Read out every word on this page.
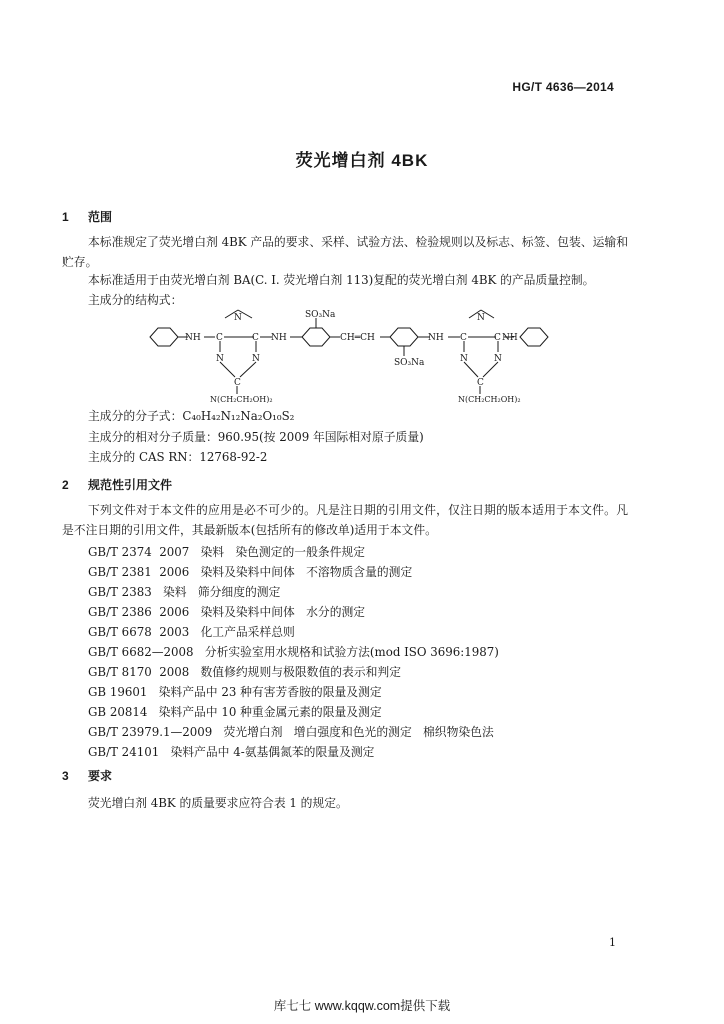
HG/T 4636—2014
荧光增白剂 4BK
1 范围
本标准规定了荧光增白剂 4BK 产品的要求、采样、试验方法、检验规则以及标志、标签、包装、运输和贮存。
本标准适用于由荧光增白剂 BA(C. I. 荧光增白剂 113)复配的荧光增白剂 4BK 的产品质量控制。
主成分的结构式：
NH C	C
N	N
N
C
NH
SO₃Na
CH═CH
SO₃Na
NH C	C
N	N
N
C
NH
N(CH₂CH₂OH)₂	N(CH₂CH₂OH)₂
主成分的分子式：C₄₀H₄₂N₁₂Na₂O₁₀S₂
主成分的相对分子质量：960.95(按 2009 年国际相对原子质量)
主成分的 CAS RN：12768-92-2
2 规范性引用文件
下列文件对于本文件的应用是必不可少的。凡是注日期的引用文件，仅注日期的版本适用于本文件。凡是不注日期的引用文件，其最新版本(包括所有的修改单)适用于本文件。
GB/T 2374  2007   染料   染色测定的一般条件规定
GB/T 2381  2006   染料及染料中间体   不溶物质含量的测定
GB/T 2383   染料   筛分细度的测定
GB/T 2386  2006   染料及染料中间体   水分的测定
GB/T 6678  2003   化工产品采样总则
GB/T 6682—2008   分析实验室用水规格和试验方法(mod ISO 3696:1987)
GB/T 8170  2008   数值修约规则与极限数值的表示和判定
GB 19601   染料产品中 23 种有害芳香胺的限量及测定
GB 20814   染料产品中 10 种重金属元素的限量及测定
GB/T 23979.1—2009   荧光增白剂   增白强度和色光的测定   棉织物染色法
GB/T 24101   染料产品中 4-氨基偶氮苯的限量及测定
3 要求
荧光增白剂 4BK 的质量要求应符合表 1 的规定。
1
库七七 www.kqqw.com提供下载
